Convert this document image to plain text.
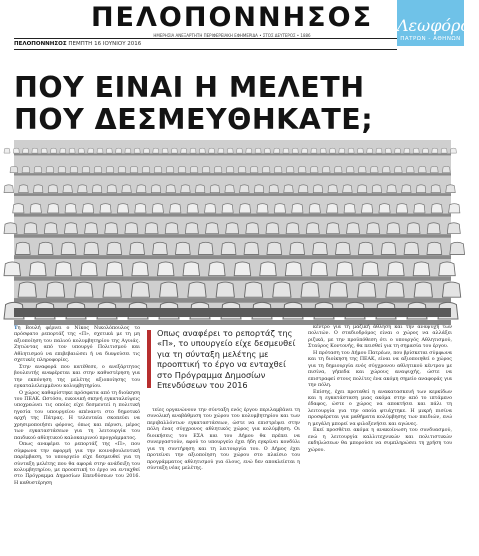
ΠΕΛΟΠΟΝΝΗΣΟΣ
ΗΜΕΡΗΣΙΑ ΑΝΕΞΑΡΤΗΤΗ ΠΕΡΙΦΕΡΕΙΑΚΗ ΕΦΗΜΕΡΙΔΑ • ΣΤΟΣ ΔΕΥΤΕΡΟΣ • 1886
Λεωφόρος
ΠΑΤΡΩΝ - ΑΘΗΝΩΝ
ΠΕΛΟΠΟΝΝΗΣΟΣ ΠΕΜΠΤΗ 16 ΙΟΥΝΙΟΥ 2016
ΠΟΥ ΕΙΝΑΙ Η ΜΕΛΕΤΗ
ΠΟΥ ΔΕΣΜΕΥΘΗΚΑΤΕ;

Τη Βουλή φέρνει ο Νίκος Νικολόπουλος το πρόσφατο ρεπορτάζ της «Π», σχετικά με τη μη αξιοποίηση του παλιού κολυμβητηρίου της Αγυιάς. Ζητώντας από τον υπουργό Πολιτισμού και Αθλητισμού να επιβεβαιώσει ή να διαψεύσει τις σχετικές πληροφορίες.

Στην αναφορά που κατέθεσε, ο ανεξάρτητος βουλευτής αναφέρεται και στην καθυστέρηση για την εκπόνηση της μελέτης αξιοποίησης του εγκαταλελειμμένου κολυμβητηρίου.

Ο χώρος καθαρίστηκε πρόσφατα από τη διοίκηση του ΠΕΑΚ. Ωστόσο, εικονική σκηνή εγκαταλείψεις υποχρεώνει τις οποίες είχε δεσμευτεί η πολιτική ηγεσία του υπουργείου απέναντι στο δημοτικό αρχή της Πάτρας. Η τελευταία σκοπεύει να χρησιμοποιήσει φόρους, όπως και πέρυσι, μέρος των εγκαταστάσεων για τη λειτουργία του παιδικού αθλητικού καλοκαιρινού προγράμματος.

Όπως αναφέρει το ρεπορτάζ της «Π», που σύμφωνα την αφορμή για την κοινοβουλευτική παρέμβαση, το υπουργείο είχε δεσμευθεί για τη σύνταξη μελέτης που θα αφορά στην ανάδειξη του κολυμβητηρίου, με προοπτική το έργο να ενταχθεί στο Πρόγραμμα Δημοσίων Επενδύσεων του 2016. Η καθυστέρηση

Οπως αναφέρει το ρεπορτάζ της «Π», το υπουργείο είχε δεσμευθεί για τη σύνταξη μελέτης με προοπτική το έργο να ενταχθεί στο Πρόγραμμα Δημοσίων Επενδύσεων του 2016

τείες οργανώνουν την σύνταξη ενός έργου περιλαμβάνει τη συνολική αναβάθμιση του χώρου του κολυμβητηρίου και των περιβαλλόντων εγκαταστάσεων, ώστε να επιστρέψει στην πόλη ένας σύγχρονος αθλητικός χώρος για κολύμβηση. Οι διοικήσεις του ΕΣΑ και του Δήμου θα πρέπει να συνεργαστούν, αφού το υπουργείο έχει ήδη εγκρίνει κονδύλι για τη συντήρηση και τη λειτουργία του. Ο Δήμος έχει προτείνει την αξιοποίηση του χώρου στο πλαίσιο του προγράμματος αθλητισμού για όλους, ενώ δεν αποκλείεται η σύνταξη νέας μελέτης.

κέντρο για τη μαζική άθληση και την αναψυχή των πολιτών. Ο σταδιοδρόμος είναι ο χώρος να αλλάξει ριζικά, με την προϋπόθεση ότι ο υπουργός Αθλητισμού, Σταύρος Κοντονής, θα πεισθεί για τη σημασία του έργου.

Η πρόταση του Δήμου Πατρέων, που βρίσκεται σύμφωνα και τη διοίκηση της ΠΕΑΚ, είναι να αξιοποιηθεί ο χώρος για τη δημιουργία ενός σύγχρονου αθλητικού κέντρου με πισίνα, γήπεδα και χώρους αναψυχής, ώστε να επιστραφεί στους πολίτες ένα ακόμη σημείο αναφοράς για την πόλη.

Επίσης, έχει προταθεί η ανακατασκευή των κερκίδων και η εγκατάσταση μιας ακόμα στην από το ιπτάμενο έδαφος, ώστε ο χώρος να αποκτήσει και πάλι τη λειτουργία για την οποία φτιάχτηκε. Η μικρή πισίνα προσφέρεται για μαθήματα κολύμβησης των παιδιών, ενώ η μεγάλη μπορεί να φιλοξενήσει και αγώνες.

Εκεί προσθέτει ακόμα η ανακοίνωση του συνδυασμού, ενώ η λειτουργία καλλιτεχνικών και πολιτιστικών εκδηλώσεων θα μπορούσε να συμπληρώσει τη χρήση του χώρου.
